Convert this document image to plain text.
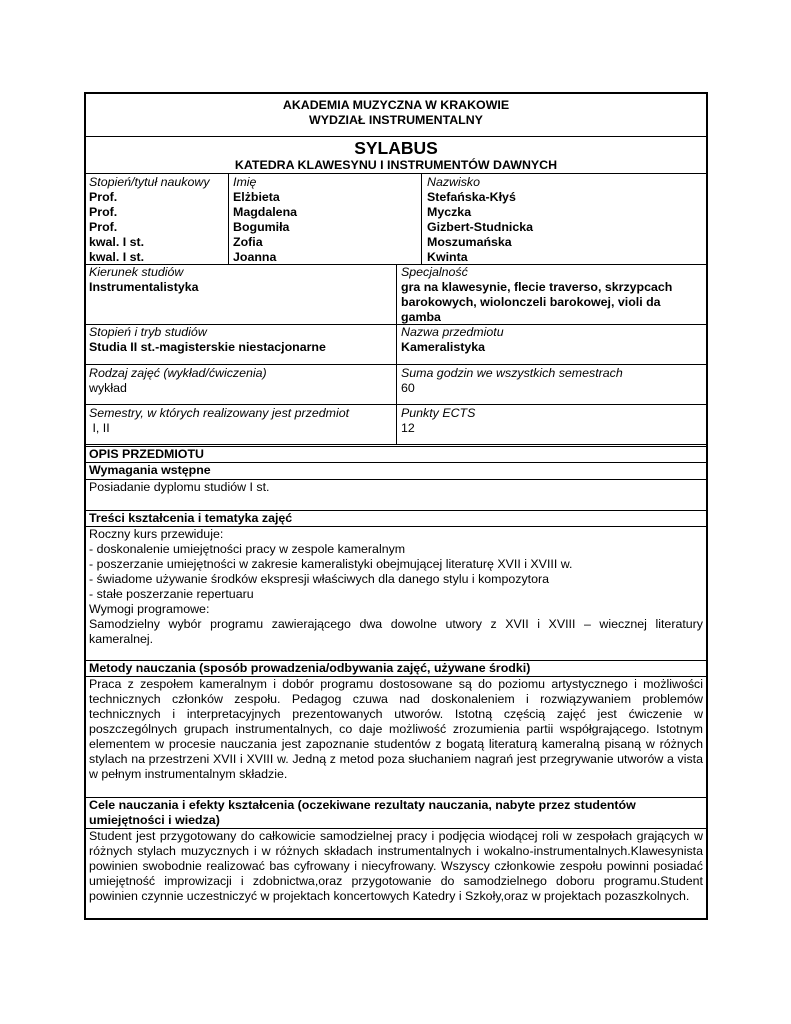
AKADEMIA MUZYCZNA W KRAKOWIE
WYDZIAŁ INSTRUMENTALNY
SYLABUS
KATEDRA KLAWESYNU I INSTRUMENTÓW DAWNYCH
Stopień/tytuł naukowy
Prof.
Prof.
Prof.
kwal. I st.
kwal. I st.
Imię
Elżbieta
Magdalena
Bogumiła
Zofia
Joanna
Nazwisko
Stefańska-Kłyś
Myczka
Gizbert-Studnicka
Moszumańska
Kwinta
Kierunek studiów
Instrumentalistyka
Specjalność
gra na klawesynie, flecie traverso, skrzypcach
barokowych, wiolonczeli barokowej, violi da
gamba
Stopień i tryb studiów
Studia II st.-magisterskie niestacjonarne
Nazwa przedmiotu
Kameralistyka
Rodzaj zajęć (wykład/ćwiczenia)
wykład
Suma godzin we wszystkich semestrach
60
Semestry, w których realizowany jest przedmiot
I, II
Punkty ECTS
12
OPIS PRZEDMIOTU
Wymagania wstępne
Posiadanie dyplomu studiów I st.
Treści kształcenia i tematyka zajęć
Roczny kurs przewiduje:
- doskonalenie umiejętności pracy w zespole kameralnym
- poszerzanie umiejętności w zakresie kameralistyki obejmującej literaturę XVII i XVIII w.
- świadome używanie środków ekspresji właściwych dla danego stylu i kompozytora
- stałe poszerzanie repertuaru
Wymogi programowe:
Samodzielny wybór programu zawierającego dwa dowolne utwory z XVII i XVIII – wiecznej literatury kameralnej.
Metody nauczania (sposób prowadzenia/odbywania zajęć, używane środki)
Praca z zespołem kameralnym i dobór programu dostosowane są do poziomu artystycznego i możliwości technicznych członków zespołu. Pedagog czuwa nad doskonaleniem i rozwiązywaniem problemów technicznych i interpretacyjnych prezentowanych utworów. Istotną częścią zajęć jest ćwiczenie w poszczególnych grupach instrumentalnych, co daje możliwość zrozumienia partii współgrającego. Istotnym elementem w procesie nauczania jest zapoznanie studentów z bogatą literaturą kameralną pisaną w różnych stylach na przestrzeni XVII i XVIII w. Jedną z metod poza słuchaniem nagrań jest przegrywanie utworów a vista w pełnym instrumentalnym składzie.
Cele nauczania i efekty kształcenia (oczekiwane rezultaty nauczania, nabyte przez studentów
umiejętności i wiedza)
Student jest przygotowany do całkowicie samodzielnej pracy i podjęcia wiodącej roli w zespołach grających w różnych stylach muzycznych i w różnych składach instrumentalnych i wokalno-instrumentalnych.Klawesynista powinien swobodnie realizować bas cyfrowany i niecyfrowany. Wszyscy członkowie zespołu powinni posiadać umiejętność improwizacji i zdobnictwa,oraz przygotowanie do samodzielnego doboru programu.Student powinien czynnie uczestniczyć w projektach koncertowych Katedry i Szkoły,oraz w projektach pozaszkolnych.
